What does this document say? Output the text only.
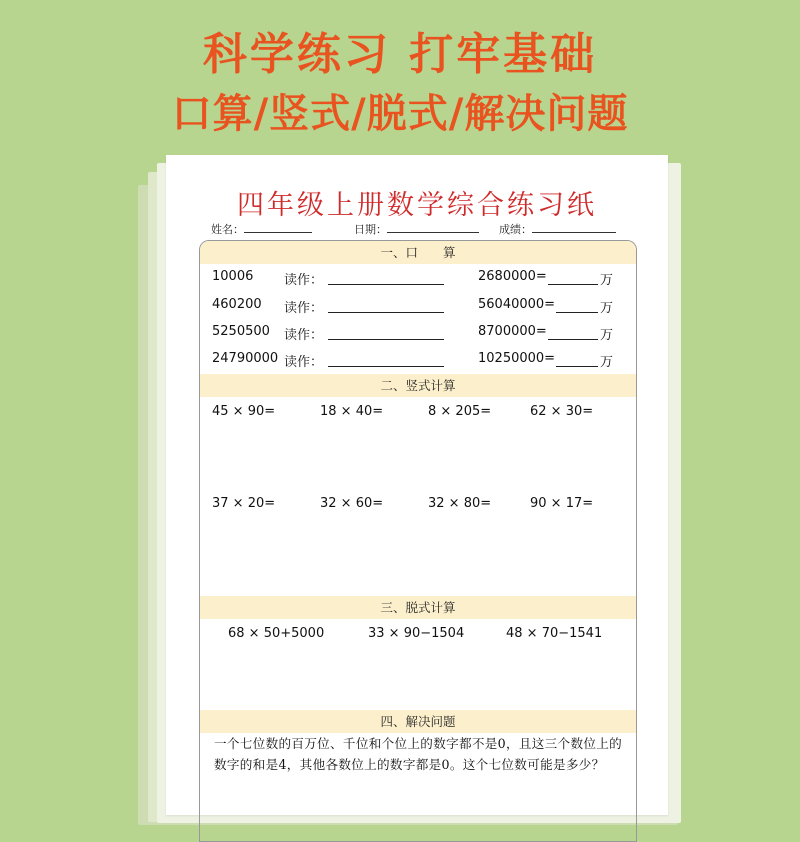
科学练习 打牢基础
口算/竖式/脱式/解决问题
四年级上册数学综合练习纸
姓名：	日期：	成绩：
一、口　　算
10006 读作：	2680000=	万
460200 读作：	56040000=	万
5250500 读作：	8700000=	万
24790000 读作：	10250000=	万
二、竖式计算
45 × 90=	18 × 40=	8 × 205=	62 × 30=
37 × 20=	32 × 60=	32 × 80=	90 × 17=
三、脱式计算
68 × 50+5000	33 × 90−1504	48 × 70−1541
四、解决问题
一个七位数的百万位、千位和个位上的数字都不是0，且这三个数位上的数字的和是4，其他各数位上的数字都是0。这个七位数可能是多少？
